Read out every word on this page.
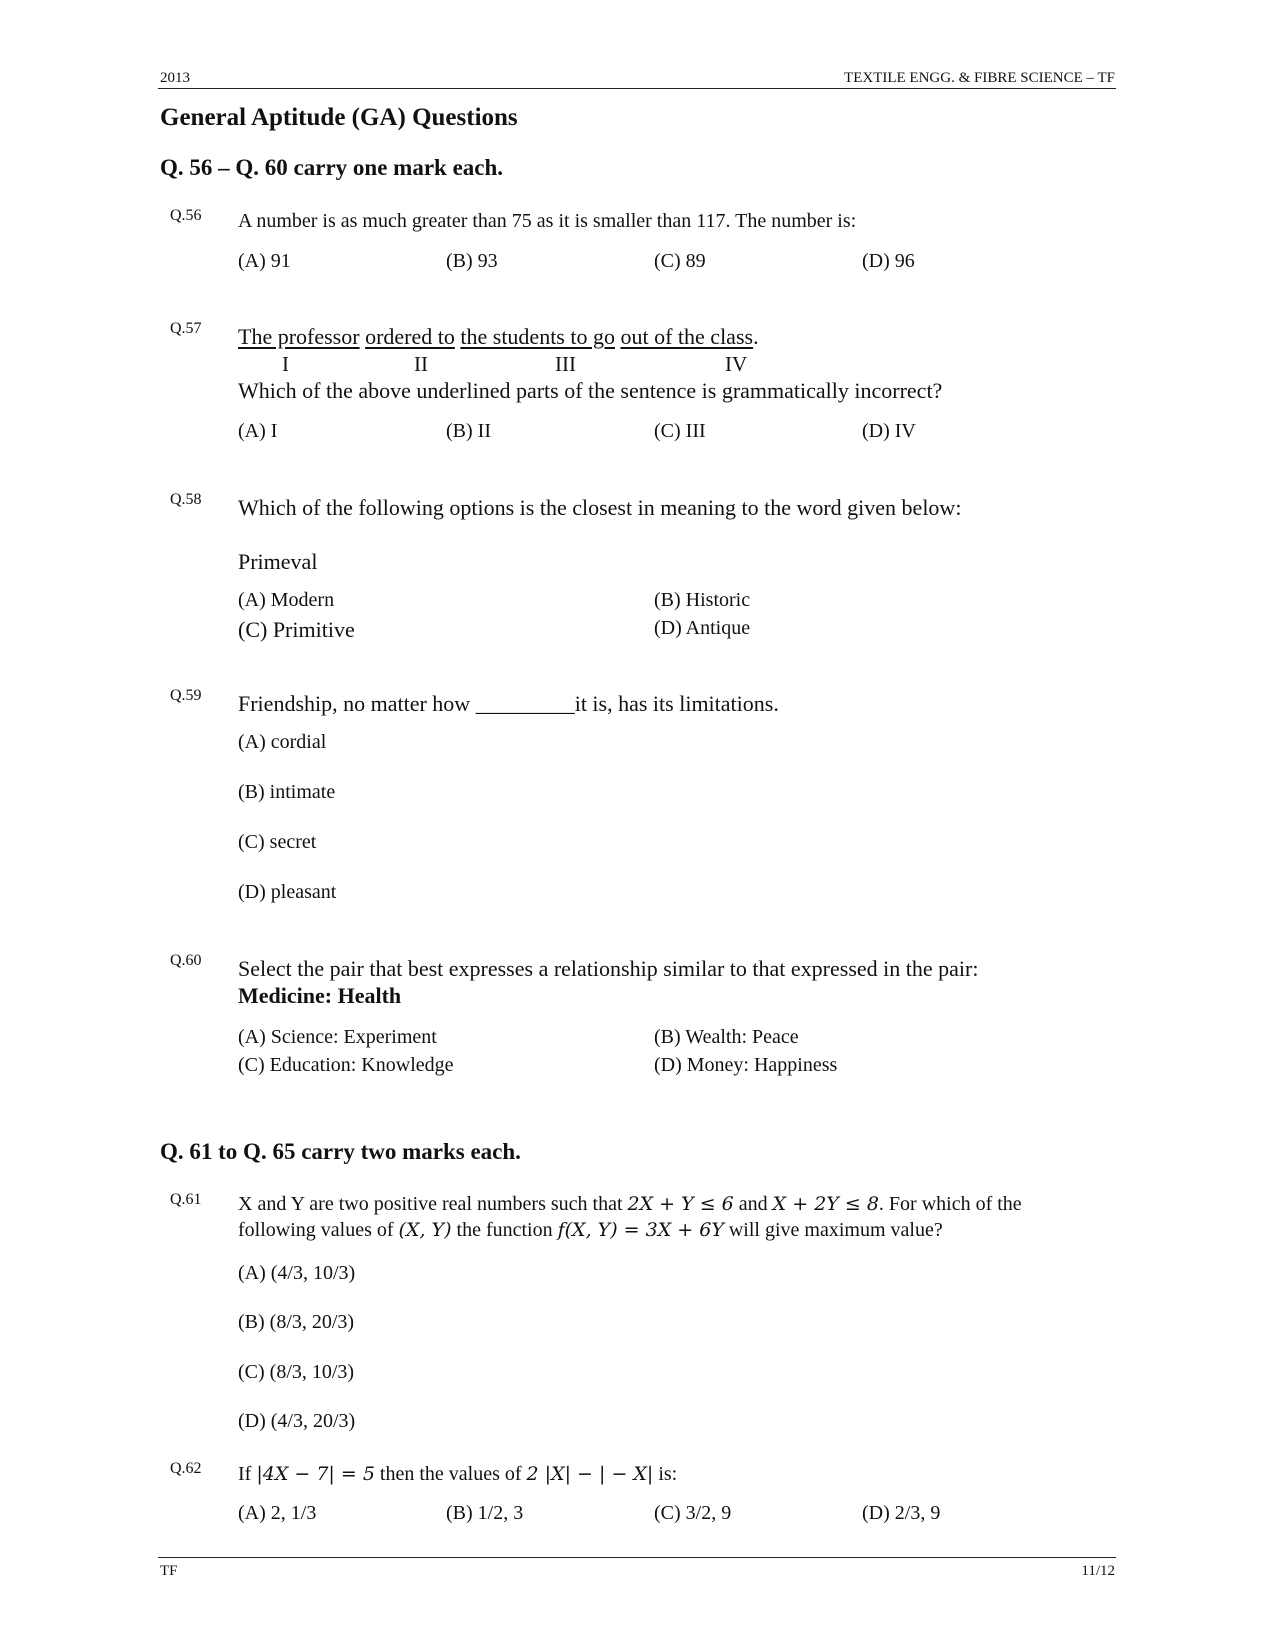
2013	TEXTILE ENGG. & FIBRE SCIENCE – TF
General Aptitude (GA) Questions
Q. 56 – Q. 60 carry one mark each.
Q.56 A number is as much greater than 75 as it is smaller than 117. The number is:
(A) 91	(B) 93	(C) 89	(D) 96
Q.57 The professor ordered to the students to go out of the class.
I	II	III	IV
Which of the above underlined parts of the sentence is grammatically incorrect?
(A) I	(B) II	(C) III	(D) IV
Q.58 Which of the following options is the closest in meaning to the word given below:
Primeval
(A) Modern	(B) Historic
(C) Primitive	(D) Antique
Q.59 Friendship, no matter how _________it is, has its limitations.
(A) cordial
(B) intimate
(C) secret
(D) pleasant
Q.60 Select the pair that best expresses a relationship similar to that expressed in the pair:
Medicine: Health
(A) Science: Experiment	(B) Wealth: Peace
(C) Education: Knowledge	(D) Money: Happiness
Q. 61 to Q. 65 carry two marks each.
Q.61 X and Y are two positive real numbers such that 2X + Y ≤ 6 and X + 2Y ≤ 8. For which of the
following values of (X, Y) the function f(X, Y) = 3X + 6Y will give maximum value?
(A) (4/3, 10/3)
(B) (8/3, 20/3)
(C) (8/3, 10/3)
(D) (4/3, 20/3)
Q.62 If |4X − 7| = 5 then the values of 2 |X| − | − X| is:
(A) 2, 1/3	(B) 1/2, 3	(C) 3/2, 9	(D) 2/3, 9
TF	11/12
